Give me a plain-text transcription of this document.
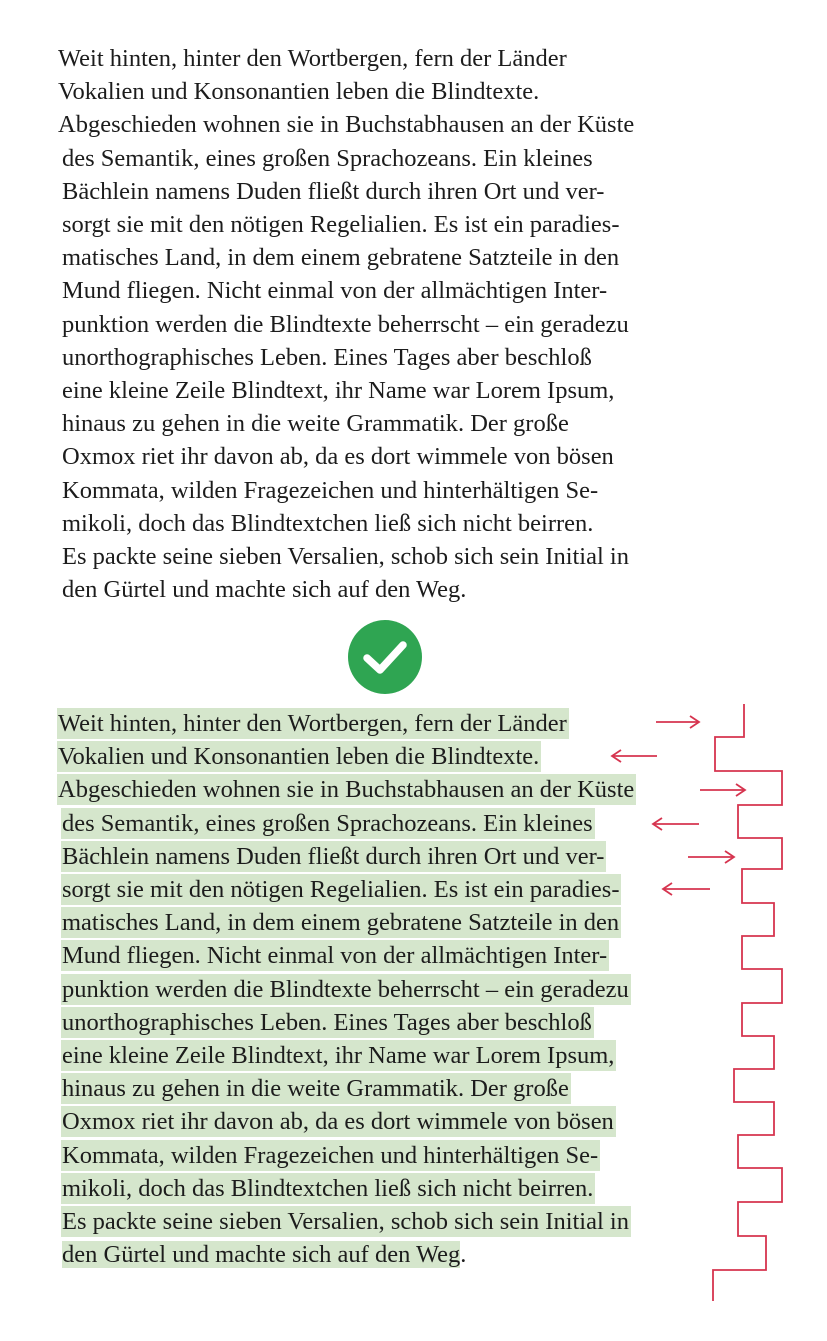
Weit hinten, hinter den Wortbergen, fern der Länder
Vokalien und Konsonantien leben die Blindtexte.
Abgeschieden wohnen sie in Buchstabhausen an der Küste
des Semantik, eines großen Sprachozeans. Ein kleines
Bächlein namens Duden fließt durch ihren Ort und ver-
sorgt sie mit den nötigen Regelialien. Es ist ein paradies-
matisches Land, in dem einem gebratene Satzteile in den
Mund fliegen. Nicht einmal von der allmächtigen Inter-
punktion werden die Blindtexte beherrscht – ein geradezu
unorthographisches Leben. Eines Tages aber beschloß
eine kleine Zeile Blindtext, ihr Name war Lorem Ipsum,
hinaus zu gehen in die weite Grammatik. Der große
Oxmox riet ihr davon ab, da es dort wimmele von bösen
Kommata, wilden Fragezeichen und hinterhältigen Se-
mikoli, doch das Blindtextchen ließ sich nicht beirren.
Es packte seine sieben Versalien, schob sich sein Initial in
den Gürtel und machte sich auf den Weg.
Weit hinten, hinter den Wortbergen, fern der Länder
Vokalien und Konsonantien leben die Blindtexte.
Abgeschieden wohnen sie in Buchstabhausen an der Küste
des Semantik, eines großen Sprachozeans. Ein kleines
Bächlein namens Duden fließt durch ihren Ort und ver-
sorgt sie mit den nötigen Regelialien. Es ist ein paradies-
matisches Land, in dem einem gebratene Satzteile in den
Mund fliegen. Nicht einmal von der allmächtigen Inter-
punktion werden die Blindtexte beherrscht – ein geradezu
unorthographisches Leben. Eines Tages aber beschloß
eine kleine Zeile Blindtext, ihr Name war Lorem Ipsum,
hinaus zu gehen in die weite Grammatik. Der große
Oxmox riet ihr davon ab, da es dort wimmele von bösen
Kommata, wilden Fragezeichen und hinterhältigen Se-
mikoli, doch das Blindtextchen ließ sich nicht beirren.
Es packte seine sieben Versalien, schob sich sein Initial in
den Gürtel und machte sich auf den Weg.
